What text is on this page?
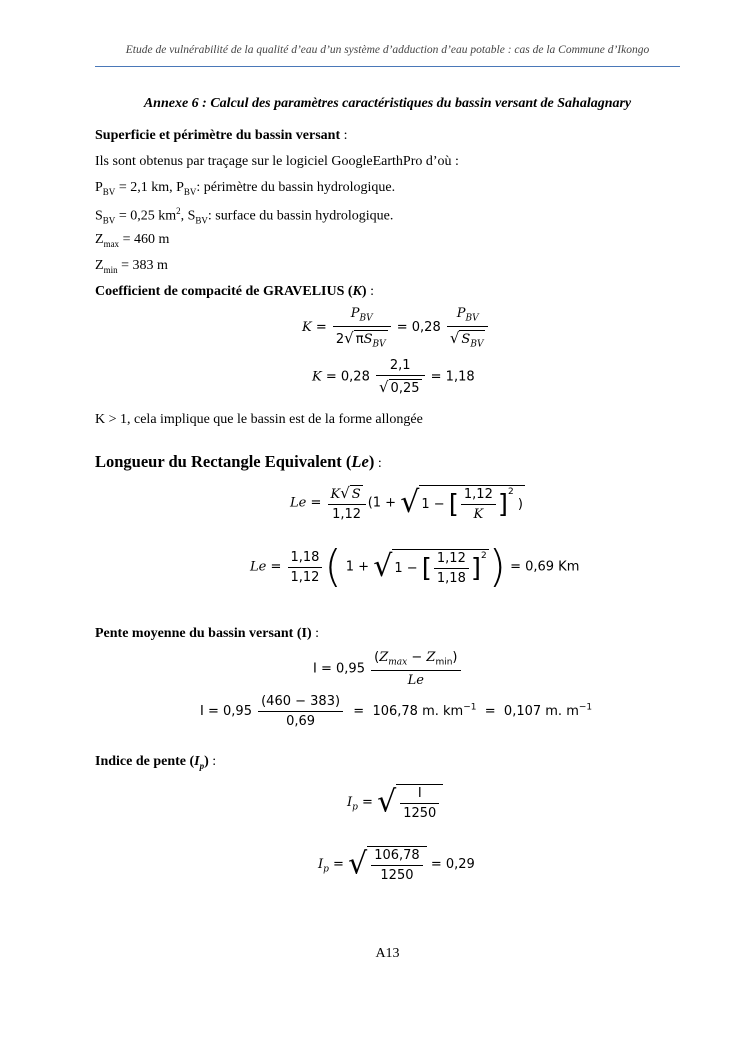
Etude de vulnérabilité de la qualité d’eau d’un système d’adduction d’eau potable : cas de la Commune d’Ikongo
Annexe 6 : Calcul des paramètres caractéristiques du bassin versant de Sahalagnary
Superficie et périmètre du bassin versant :
Ils sont obtenus par traçage sur le logiciel GoogleEarthPro d’où :
$P_{BV} = 2,1$ km, $P_{BV}$: périmètre du bassin hydrologique.
$S_{BV} = 0,25$ $km^2$, $S_{BV}$: surface du bassin hydrologique.
$Z_{max} = 460$ m
$Z_{min} = 383$ m
Coefficient de compacité de GRAVELIUS (K) :
$K = \frac{P_{BV}}{2√ \pi S_{BV}} = 0,28 \frac{P_{BV}}{√ S_{BV}}$
$K = 0,28 \frac{2,1}{√ 0,25} = 1,18$
K > 1, cela implique que le bassin est de la forme allongée
Longueur du Rectangle Equivalent (Le) :
$Le = \frac{K√ S}{1,12} (1$ + √ 1 − [ $\frac{1,12}{K} ]^2$ )
$Le = \frac{1,18}{1,12}$ ( 1 + √ 1 − [ $\frac{1,12}{1,18} ]^2) = 0,69$ Km
Pente moyenne du bassin versant (I) :
$I = 0,95 \frac{(Z_{max} - Z_{min})}{Le}$
$I = 0,95 \frac{(460 - 383)}{0,69} = 106,78$ m. $km^{-1} = 0,107$ m. $m^{-1}$
Indice de pente $(I_p)$ :
$I_p$ = √ $\frac{I}{1250}$
$I_p$ = √ $\frac{106,78}{1250} = 0,29$
A13
